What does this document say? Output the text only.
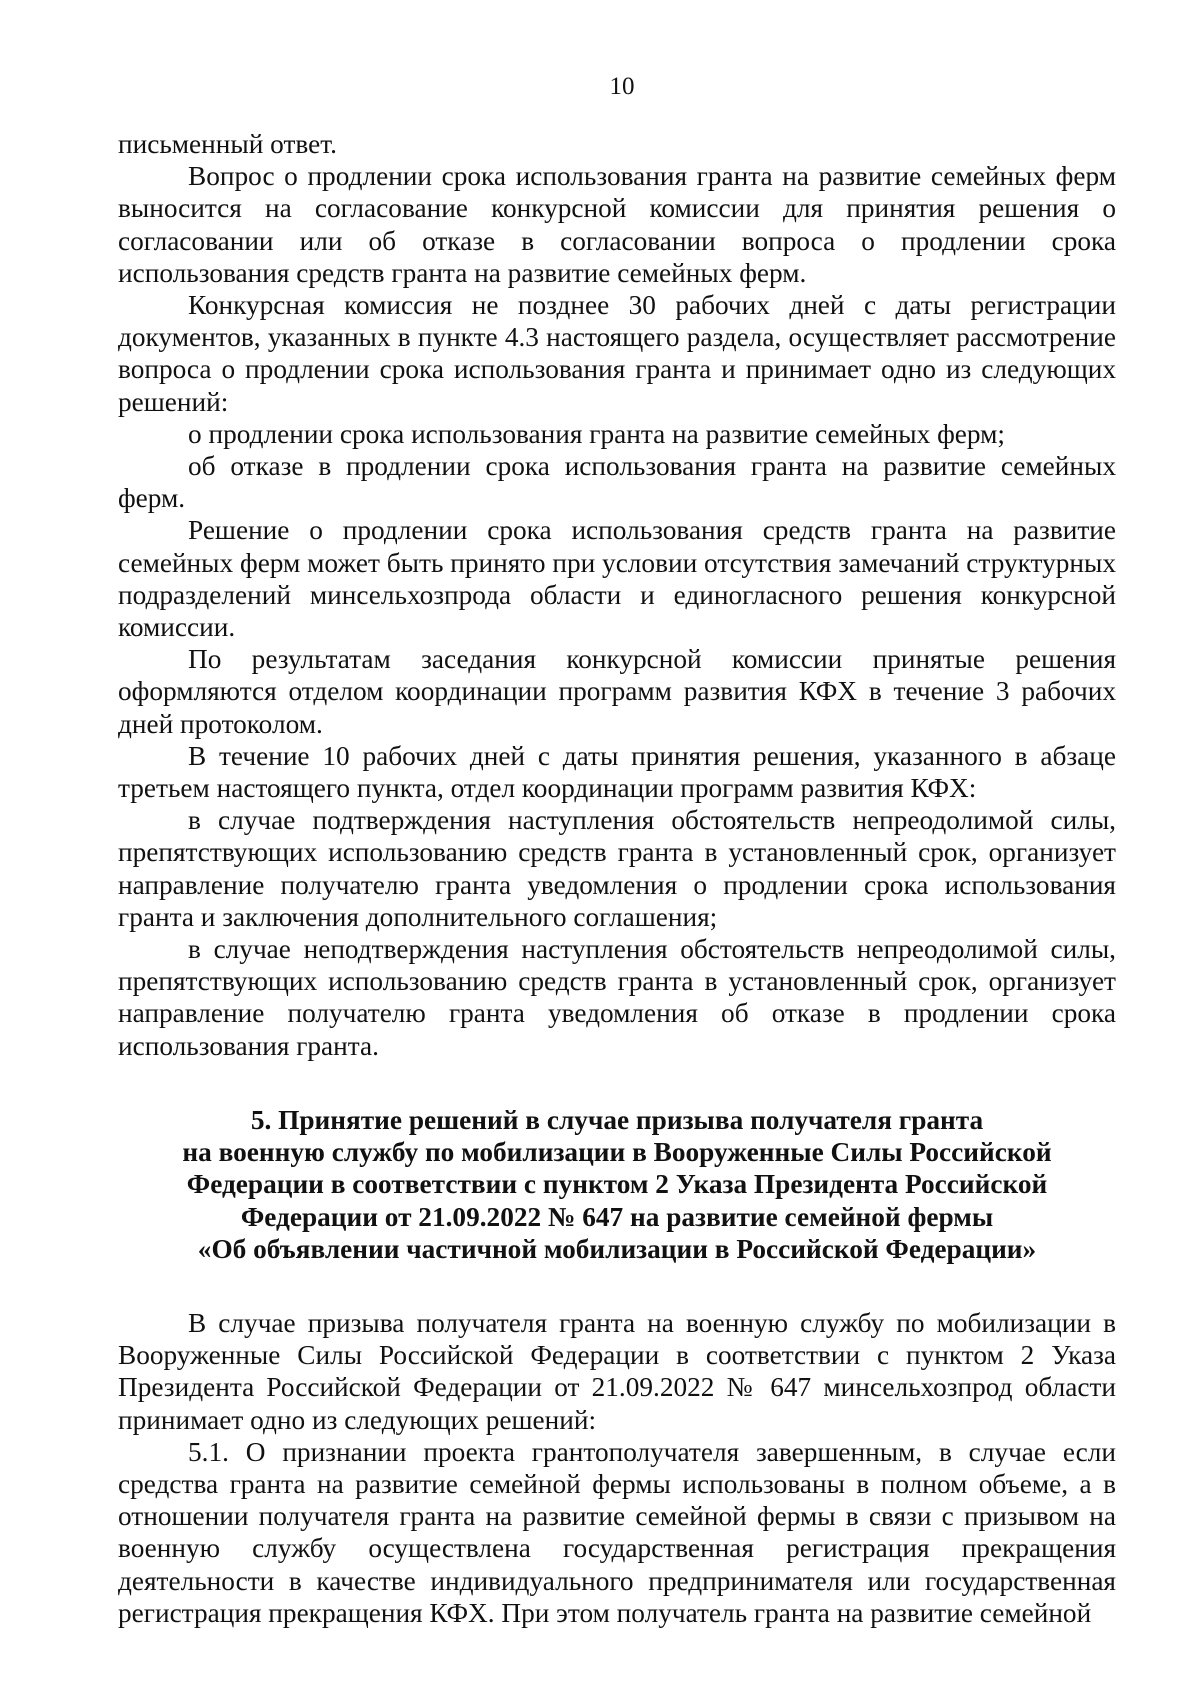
10

письменный ответ.

Вопрос о продлении срока использования гранта на развитие семейных ферм выносится на согласование конкурсной комиссии для принятия решения о согласовании или об отказе в согласовании вопроса о продлении срока использования средств гранта на развитие семейных ферм.

Конкурсная комиссия не позднее 30 рабочих дней с даты регистрации документов, указанных в пункте 4.3 настоящего раздела, осуществляет рассмотрение вопроса о продлении срока использования гранта и принимает одно из следующих решений:

о продлении срока использования гранта на развитие семейных ферм;

об отказе в продлении срока использования гранта на развитие семейных ферм.

Решение о продлении срока использования средств гранта на развитие семейных ферм может быть принято при условии отсутствия замечаний структурных подразделений минсельхозпрода области и единогласного решения конкурсной комиссии.

По результатам заседания конкурсной комиссии принятые решения оформляются отделом координации программ развития КФХ в течение 3 рабочих дней протоколом.

В течение 10 рабочих дней с даты принятия решения, указанного в абзаце третьем настоящего пункта, отдел координации программ развития КФХ:

в случае подтверждения наступления обстоятельств непреодолимой силы, препятствующих использованию средств гранта в установленный срок, организует направление получателю гранта уведомления о продлении срока использования гранта и заключения дополнительного соглашения;

в случае неподтверждения наступления обстоятельств непреодолимой силы, препятствующих использованию средств гранта в установленный срок, организует направление получателю гранта уведомления об отказе в продлении срока использования гранта.

5. Принятие решений в случае призыва получателя гранта
на военную службу по мобилизации в Вооруженные Силы Российской
Федерации в соответствии с пунктом 2 Указа Президента Российской
Федерации от 21.09.2022 № 647 на развитие семейной фермы
«Об объявлении частичной мобилизации в Российской Федерации»

В случае призыва получателя гранта на военную службу по мобилизации в Вооруженные Силы Российской Федерации в соответствии с пунктом 2 Указа Президента Российской Федерации от 21.09.2022 № 647 минсельхозпрод области принимает одно из следующих решений:

5.1. О признании проекта грантополучателя завершенным, в случае если средства гранта на развитие семейной фермы использованы в полном объеме, а в отношении получателя гранта на развитие семейной фермы в связи с призывом на военную службу осуществлена государственная регистрация прекращения деятельности в качестве индивидуального предпринимателя или государственная регистрация прекращения КФХ. При этом получатель гранта на развитие семейной
